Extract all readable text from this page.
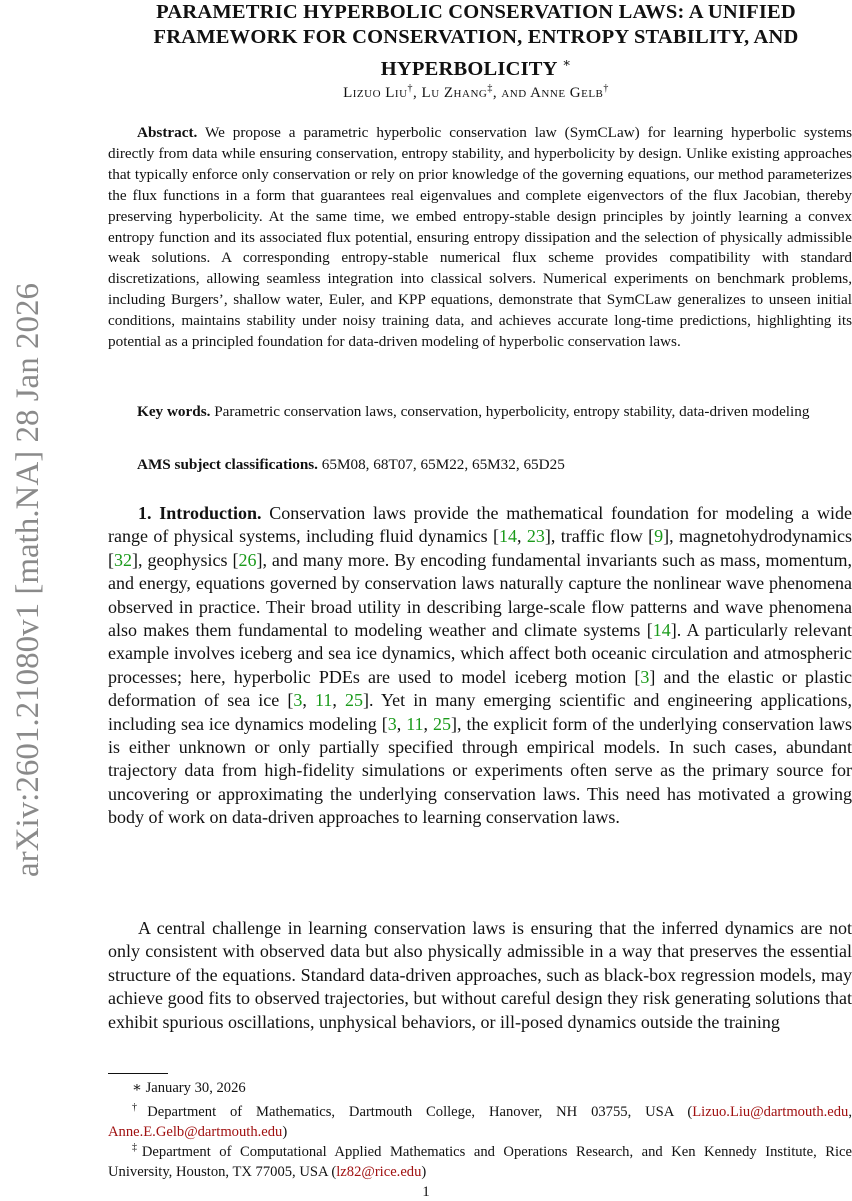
arXiv:2601.21080v1 [math.NA] 28 Jan 2026
PARAMETRIC HYPERBOLIC CONSERVATION LAWS: A UNIFIED
FRAMEWORK FOR CONSERVATION, ENTROPY STABILITY, AND
HYPERBOLICITY ∗
Lizuo Liu†, Lu Zhang‡, and Anne Gelb†

Abstract. We propose a parametric hyperbolic conservation law (SymCLaw) for learning hyperbolic systems directly from data while ensuring conservation, entropy stability, and hyperbolicity by design. Unlike existing approaches that typically enforce only conservation or rely on prior knowledge of the governing equations, our method parameterizes the flux functions in a form that guarantees real eigenvalues and complete eigenvectors of the flux Jacobian, thereby preserving hyperbolicity. At the same time, we embed entropy-stable design principles by jointly learning a convex entropy function and its associated flux potential, ensuring entropy dissipation and the selection of physically admissible weak solutions. A corresponding entropy-stable numerical flux scheme provides compatibility with standard discretizations, allowing seamless integration into classical solvers. Numerical experiments on benchmark problems, including Burgers’, shallow water, Euler, and KPP equations, demonstrate that SymCLaw generalizes to unseen initial conditions, maintains stability under noisy training data, and achieves accurate long-time predictions, highlighting its potential as a principled foundation for data-driven modeling of hyperbolic conservation laws.

Key words. Parametric conservation laws, conservation, hyperbolicity, entropy stability, data-driven modeling

AMS subject classifications. 65M08, 68T07, 65M22, 65M32, 65D25

1. Introduction. Conservation laws provide the mathematical foundation for modeling a wide range of physical systems, including fluid dynamics [14, 23], traffic flow [9], magnetohydrodynamics [32], geophysics [26], and many more. By encoding fundamental invariants such as mass, momentum, and energy, equations governed by conservation laws naturally capture the nonlinear wave phenomena observed in practice. Their broad utility in describing large-scale flow patterns and wave phenomena also makes them fundamental to modeling weather and climate systems [14]. A particularly relevant example involves iceberg and sea ice dynamics, which affect both oceanic circulation and atmospheric processes; here, hyperbolic PDEs are used to model iceberg motion [3] and the elastic or plastic deformation of sea ice [3, 11, 25]. Yet in many emerging scientific and engineering applications, including sea ice dynamics modeling [3, 11, 25], the explicit form of the underlying conservation laws is either unknown or only partially specified through empirical models. In such cases, abundant trajectory data from high-fidelity simulations or experiments often serve as the primary source for uncovering or approximating the underlying conservation laws. This need has motivated a growing body of work on data-driven approaches to learning conservation laws.

A central challenge in learning conservation laws is ensuring that the inferred dynamics are not only consistent with observed data but also physically admissible in a way that preserves the essential structure of the equations. Standard data-driven approaches, such as black-box regression models, may achieve good fits to observed trajectories, but without careful design they risk generating solutions that exhibit spurious oscillations, unphysical behaviors, or ill-posed dynamics outside the training

∗ January 30, 2026

†Department of Mathematics, Dartmouth College, Hanover, NH 03755, USA (Lizuo.Liu@dartmouth.edu, Anne.E.Gelb@dartmouth.edu)

‡Department of Computational Applied Mathematics and Operations Research, and Ken Kennedy Institute, Rice University, Houston, TX 77005, USA (lz82@rice.edu)

1
